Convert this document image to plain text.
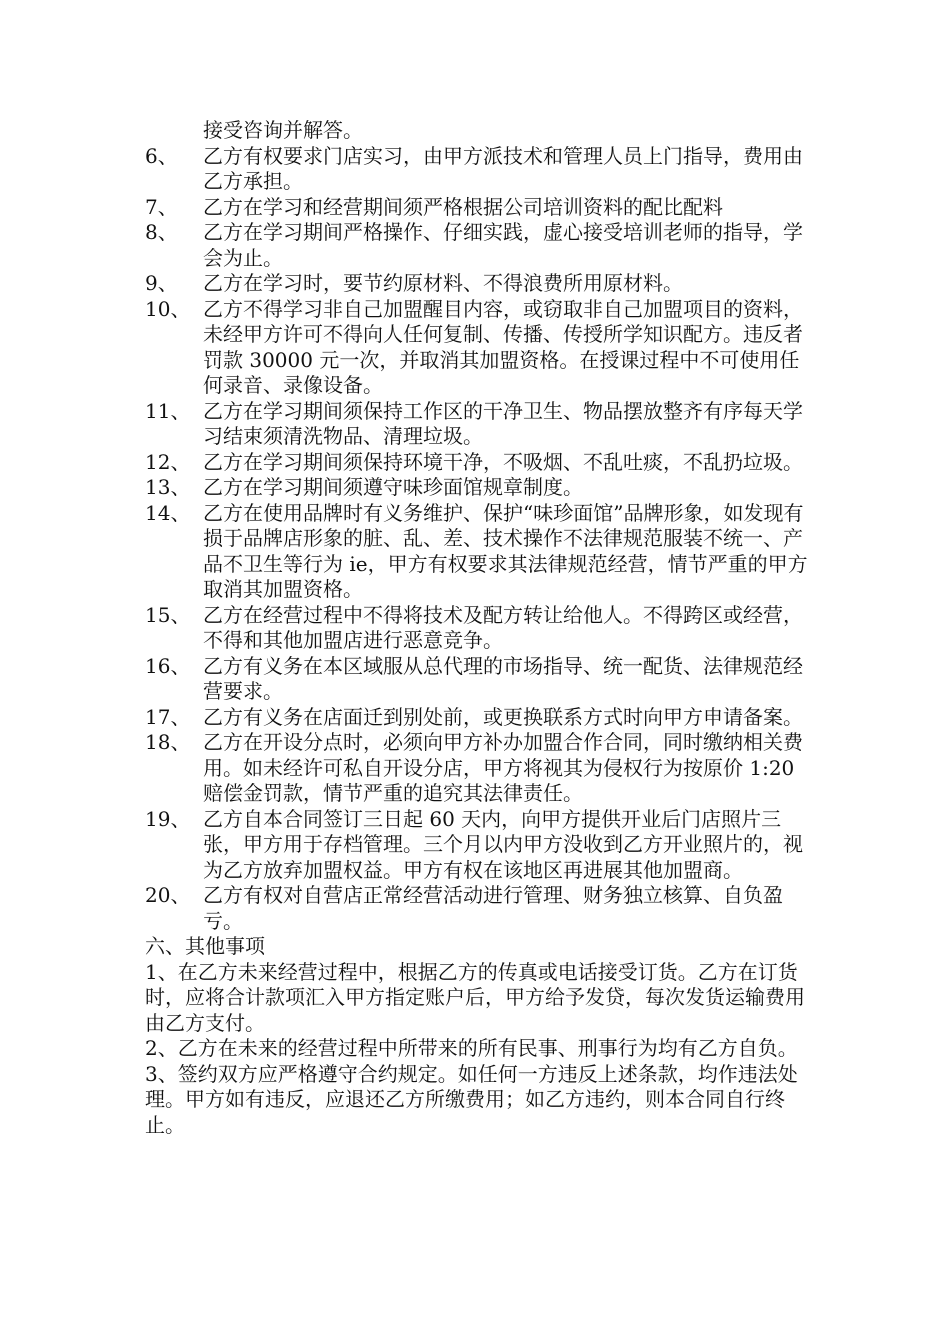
接受咨询并解答。
6、	乙方有权要求门店实习，由甲方派技术和管理人员上门指导，费用由乙方承担。
7、	乙方在学习和经营期间须严格根据公司培训资料的配比配料
8、	乙方在学习期间严格操作、仔细实践，虚心接受培训老师的指导，学会为止。
9、	乙方在学习时，要节约原材料、不得浪费所用原材料。
10、 乙方不得学习非自己加盟醒目内容，或窃取非自己加盟项目的资料，未经甲方许可不得向人任何复制、传播、传授所学知识配方。违反者罚款 30000 元一次，并取消其加盟资格。在授课过程中不可使用任何录音、录像设备。
11、 乙方在学习期间须保持工作区的干净卫生、物品摆放整齐有序每天学习结束须清洗物品、清理垃圾。
12、 乙方在学习期间须保持环境干净，不吸烟、不乱吐痰，不乱扔垃圾。
13、 乙方在学习期间须遵守味珍面馆规章制度。
14、 乙方在使用品牌时有义务维护、保护“味珍面馆”品牌形象，如发现有损于品牌店形象的脏、乱、差、技术操作不法律规范服装不统一、产品不卫生等行为 ie，甲方有权要求其法律规范经营，情节严重的甲方取消其加盟资格。
15、 乙方在经营过程中不得将技术及配方转让给他人。不得跨区或经营，不得和其他加盟店进行恶意竞争。
16、 乙方有义务在本区域服从总代理的市场指导、统一配货、法律规范经营要求。
17、 乙方有义务在店面迁到别处前，或更换联系方式时向甲方申请备案。
18、 乙方在开设分点时，必须向甲方补办加盟合作合同，同时缴纳相关费用。如未经许可私自开设分店，甲方将视其为侵权行为按原价 1:20 赔偿金罚款，情节严重的追究其法律责任。
19、 乙方自本合同签订三日起 60 天内，向甲方提供开业后门店照片三张，甲方用于存档管理。三个月以内甲方没收到乙方开业照片的，视为乙方放弃加盟权益。甲方有权在该地区再进展其他加盟商。
20、 乙方有权对自营店正常经营活动进行管理、财务独立核算、自负盈亏。
六、其他事项
1、在乙方未来经营过程中，根据乙方的传真或电话接受订货。乙方在订货时，应将合计款项汇入甲方指定账户后，甲方给予发贷，每次发货运输费用由乙方支付。
2、乙方在未来的经营过程中所带来的所有民事、刑事行为均有乙方自负。
3、签约双方应严格遵守合约规定。如任何一方违反上述条款，均作违法处理。甲方如有违反，应退还乙方所缴费用；如乙方违约，则本合同自行终止。
